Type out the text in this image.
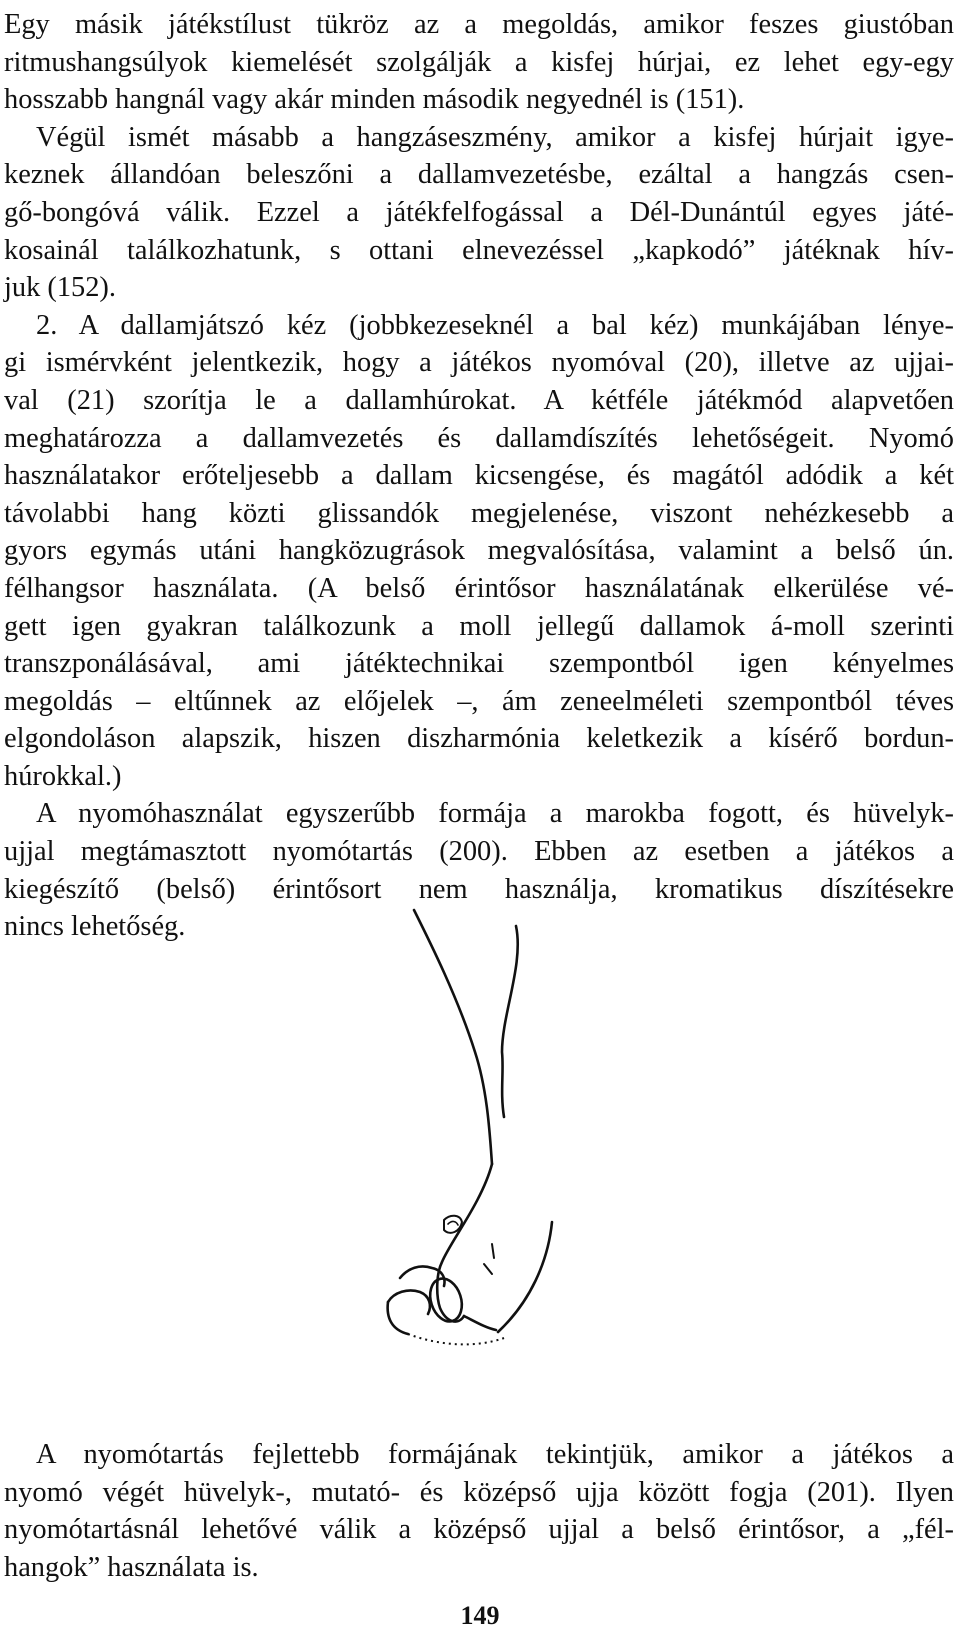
Egy másik játékstílust tükröz az a megoldás, amikor feszes giustóban
ritmushangsúlyok kiemelését szolgálják a kisfej húrjai, ez lehet egy-egy
hosszabb hangnál vagy akár minden második negyednél is (151).
Végül ismét másabb a hangzáseszmény, amikor a kisfej húrjait igye-
keznek állandóan beleszőni a dallamvezetésbe, ezáltal a hangzás csen-
gő-bongóvá válik. Ezzel a játékfelfogással a Dél-Dunántúl egyes játé-
kosainál találkozhatunk, s ottani elnevezéssel „kapkodó” játéknak hív-
juk (152).
2. A dallamjátszó kéz (jobbkezeseknél a bal kéz) munkájában lénye-
gi ismérvként jelentkezik, hogy a játékos nyomóval (20), illetve az ujjai-
val (21) szorítja le a dallamhúrokat. A kétféle játékmód alapvetően
meghatározza a dallamvezetés és dallamdíszítés lehetőségeit. Nyomó
használatakor erőteljesebb a dallam kicsengése, és magától adódik a két
távolabbi hang közti glissandók megjelenése, viszont nehézkesebb a
gyors egymás utáni hangközugrások megvalósítása, valamint a belső ún.
félhangsor használata. (A belső érintősor használatának elkerülése vé-
gett igen gyakran találkozunk a moll jellegű dallamok á-moll szerinti
transzponálásával, ami játéktechnikai szempontból igen kényelmes
megoldás – eltűnnek az előjelek –, ám zeneelméleti szempontból téves
elgondoláson alapszik, hiszen diszharmónia keletkezik a kísérő bordun-
húrokkal.)
A nyomóhasználat egyszerűbb formája a marokba fogott, és hüvelyk-
ujjal megtámasztott nyomótartás (200). Ebben az esetben a játékos a
kiegészítő (belső) érintősort nem használja, kromatikus díszítésekre
nincs lehetőség.
A nyomótartás fejlettebb formájának tekintjük, amikor a játékos a
nyomó végét hüvelyk-, mutató- és középső ujja között fogja (201). Ilyen
nyomótartásnál lehetővé válik a középső ujjal a belső érintősor, a „fél-
hangok” használata is.
149
